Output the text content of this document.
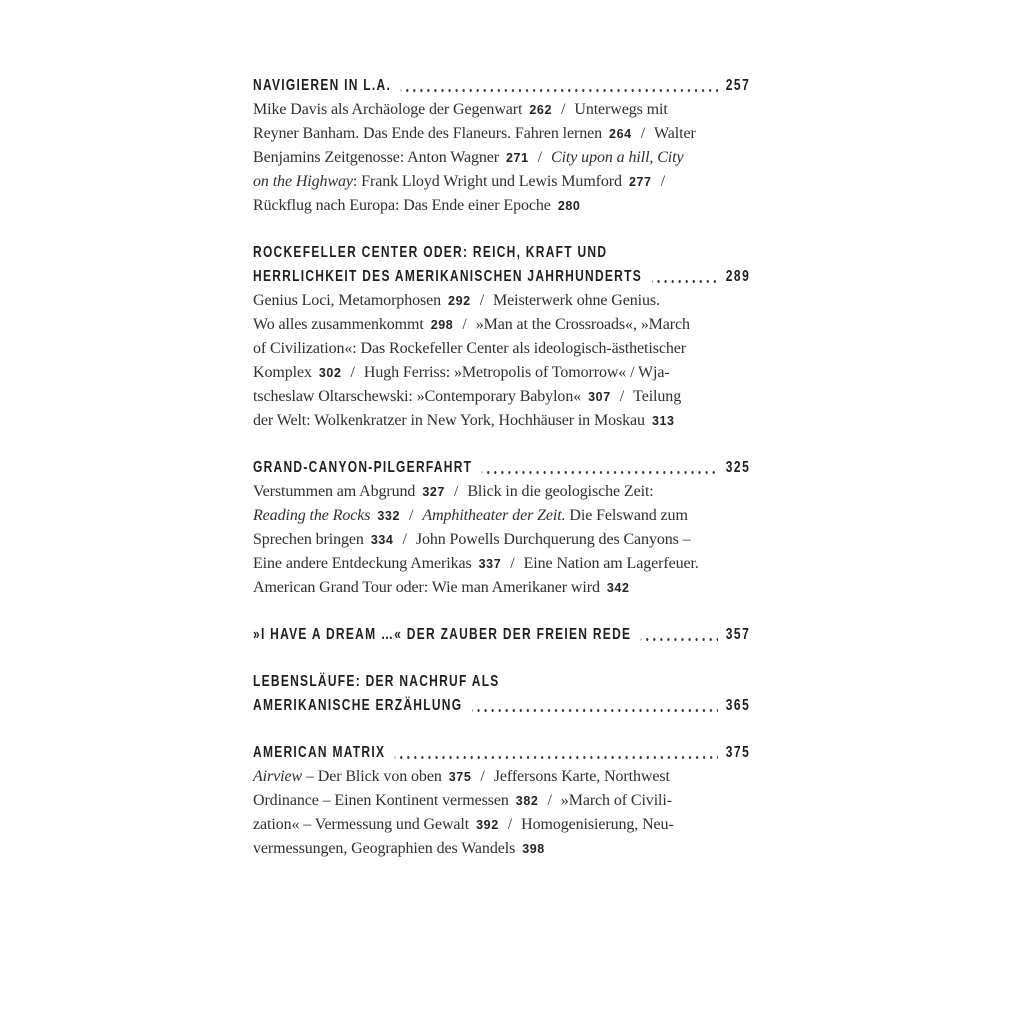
NAVIGIEREN IN L.A.	257
Mike Davis als Archäologe der Gegenwart 262 / Unterwegs mit
Reyner Banham. Das Ende des Flaneurs. Fahren lernen 264 / Walter
Benjamins Zeitgenosse: Anton Wagner 271 / City upon a hill, City
on the Highway: Frank Lloyd Wright und Lewis Mumford 277 /
Rückflug nach Europa: Das Ende einer Epoche 280
ROCKEFELLER CENTER ODER: REICH, KRAFT UND
HERRLICHKEIT DES AMERIKANISCHEN JAHRHUNDERTS	289
Genius Loci, Metamorphosen 292 / Meisterwerk ohne Genius.
Wo alles zusammenkommt 298 / »Man at the Crossroads«, »March
of Civilization«: Das Rockefeller Center als ideologisch-ästhetischer
Komplex 302 / Hugh Ferriss: »Metropolis of Tomorrow« / Wja-
tscheslaw Oltarschewski: »Contemporary Babylon« 307 / Teilung
der Welt: Wolkenkratzer in New York, Hochhäuser in Moskau 313
GRAND-CANYON-PILGERFAHRT	325
Verstummen am Abgrund 327 / Blick in die geologische Zeit:
Reading the Rocks 332 / Amphitheater der Zeit. Die Felswand zum
Sprechen bringen 334 / John Powells Durchquerung des Canyons –
Eine andere Entdeckung Amerikas 337 / Eine Nation am Lagerfeuer.
American Grand Tour oder: Wie man Amerikaner wird 342
»I HAVE A DREAM …« DER ZAUBER DER FREIEN REDE	357
LEBENSLÄUFE: DER NACHRUF ALS
AMERIKANISCHE ERZÄHLUNG	365
AMERICAN MATRIX	375
Airview – Der Blick von oben 375 / Jeffersons Karte, Northwest
Ordinance – Einen Kontinent vermessen 382 / »March of Civili-
zation« – Vermessung und Gewalt 392 / Homogenisierung, Neu-
vermessungen, Geographien des Wandels 398
